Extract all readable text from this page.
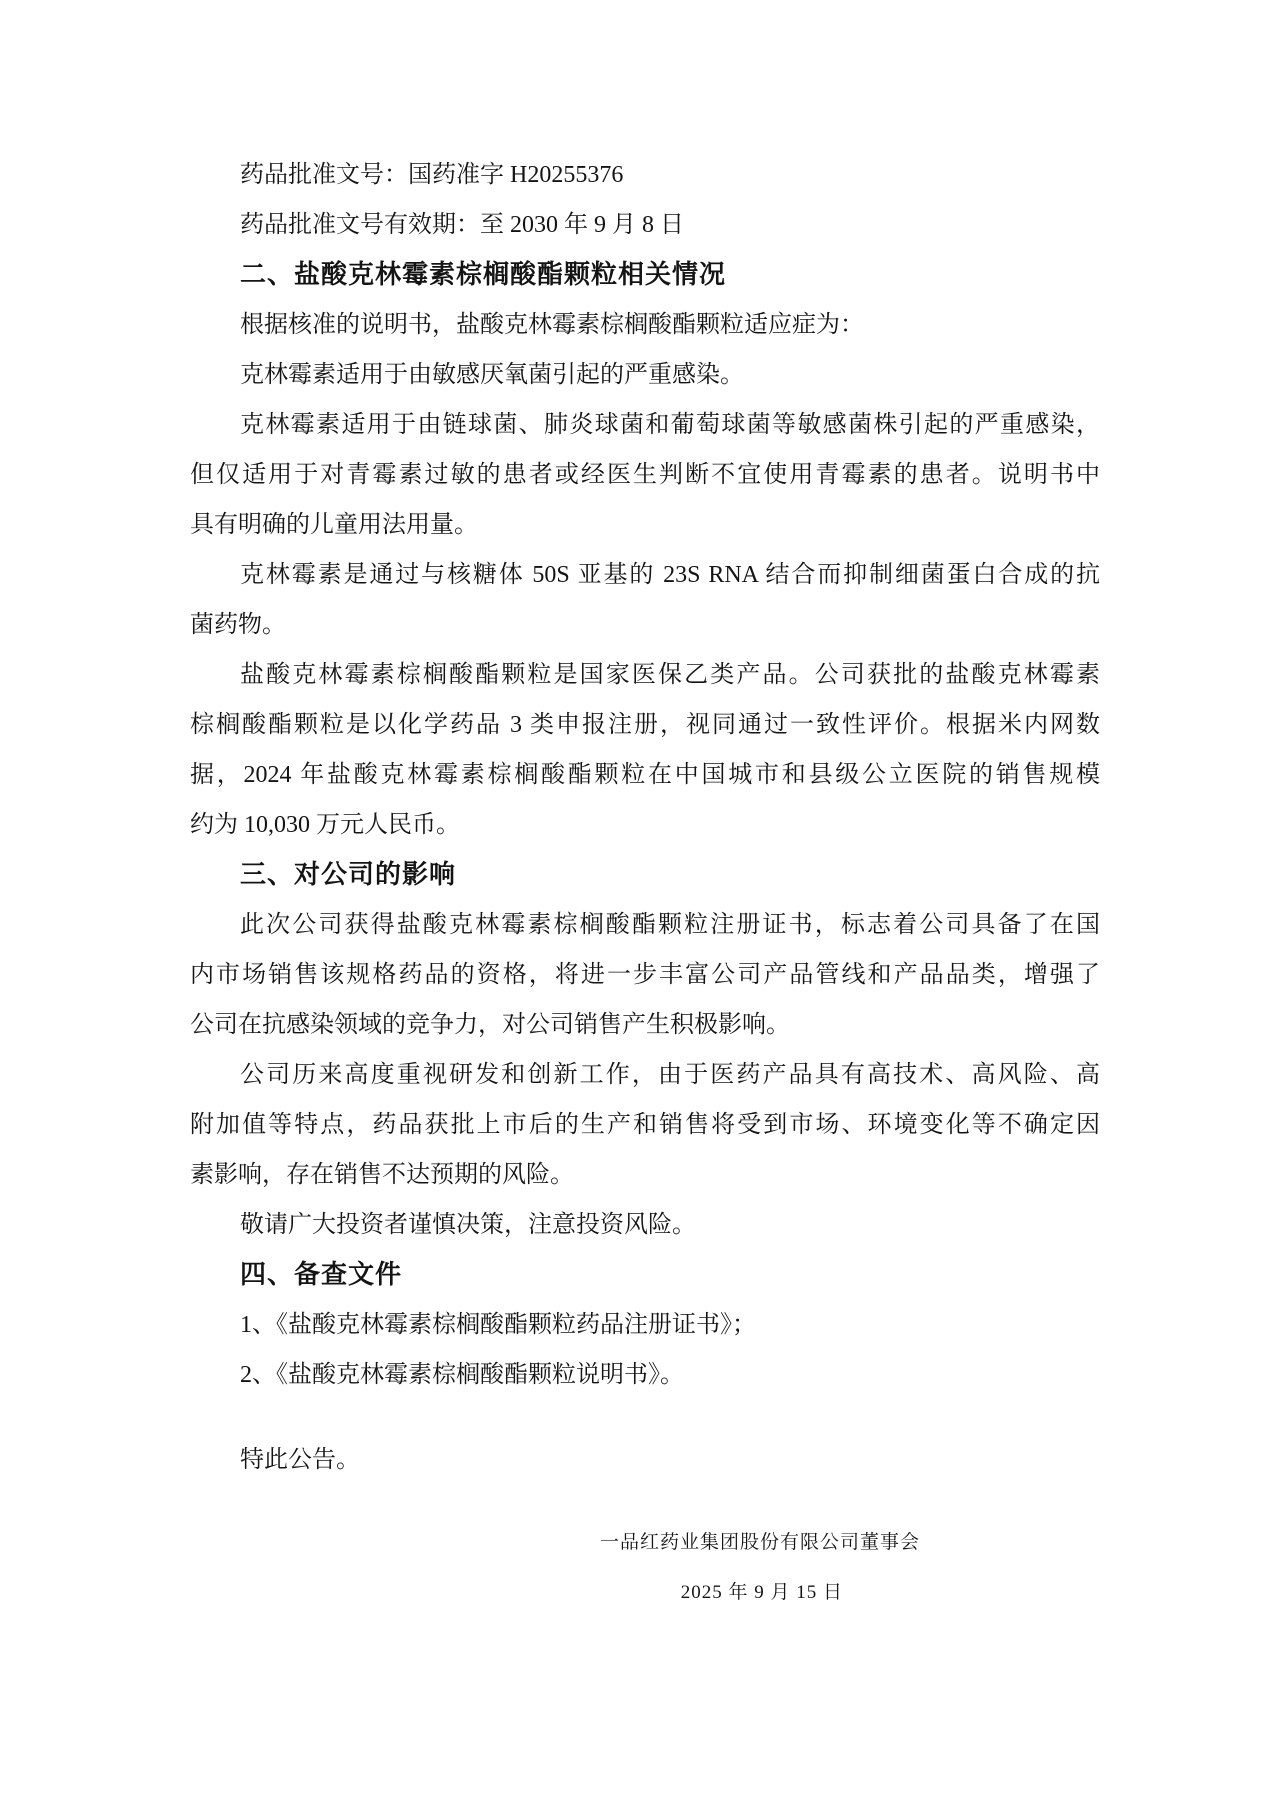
药品批准文号：国药准字 H20255376
药品批准文号有效期：至 2030 年 9 月 8 日
二、盐酸克林霉素棕榈酸酯颗粒相关情况
根据核准的说明书，盐酸克林霉素棕榈酸酯颗粒适应症为：
克林霉素适用于由敏感厌氧菌引起的严重感染。
克林霉素适用于由链球菌、肺炎球菌和葡萄球菌等敏感菌株引起的严重感染，
但仅适用于对青霉素过敏的患者或经医生判断不宜使用青霉素的患者。说明书中
具有明确的儿童用法用量。
克林霉素是通过与核糖体 50S 亚基的 23S RNA 结合而抑制细菌蛋白合成的抗
菌药物。
盐酸克林霉素棕榈酸酯颗粒是国家医保乙类产品。公司获批的盐酸克林霉素
棕榈酸酯颗粒是以化学药品 3 类申报注册，视同通过一致性评价。根据米内网数
据，2024 年盐酸克林霉素棕榈酸酯颗粒在中国城市和县级公立医院的销售规模
约为 10,030 万元人民币。
三、对公司的影响
此次公司获得盐酸克林霉素棕榈酸酯颗粒注册证书，标志着公司具备了在国
内市场销售该规格药品的资格，将进一步丰富公司产品管线和产品品类，增强了
公司在抗感染领域的竞争力，对公司销售产生积极影响。
公司历来高度重视研发和创新工作，由于医药产品具有高技术、高风险、高
附加值等特点，药品获批上市后的生产和销售将受到市场、环境变化等不确定因
素影响，存在销售不达预期的风险。
敬请广大投资者谨慎决策，注意投资风险。
四、备查文件
1、《盐酸克林霉素棕榈酸酯颗粒药品注册证书》；
2、《盐酸克林霉素棕榈酸酯颗粒说明书》。
特此公告。
一品红药业集团股份有限公司董事会
2025 年 9 月 15 日
